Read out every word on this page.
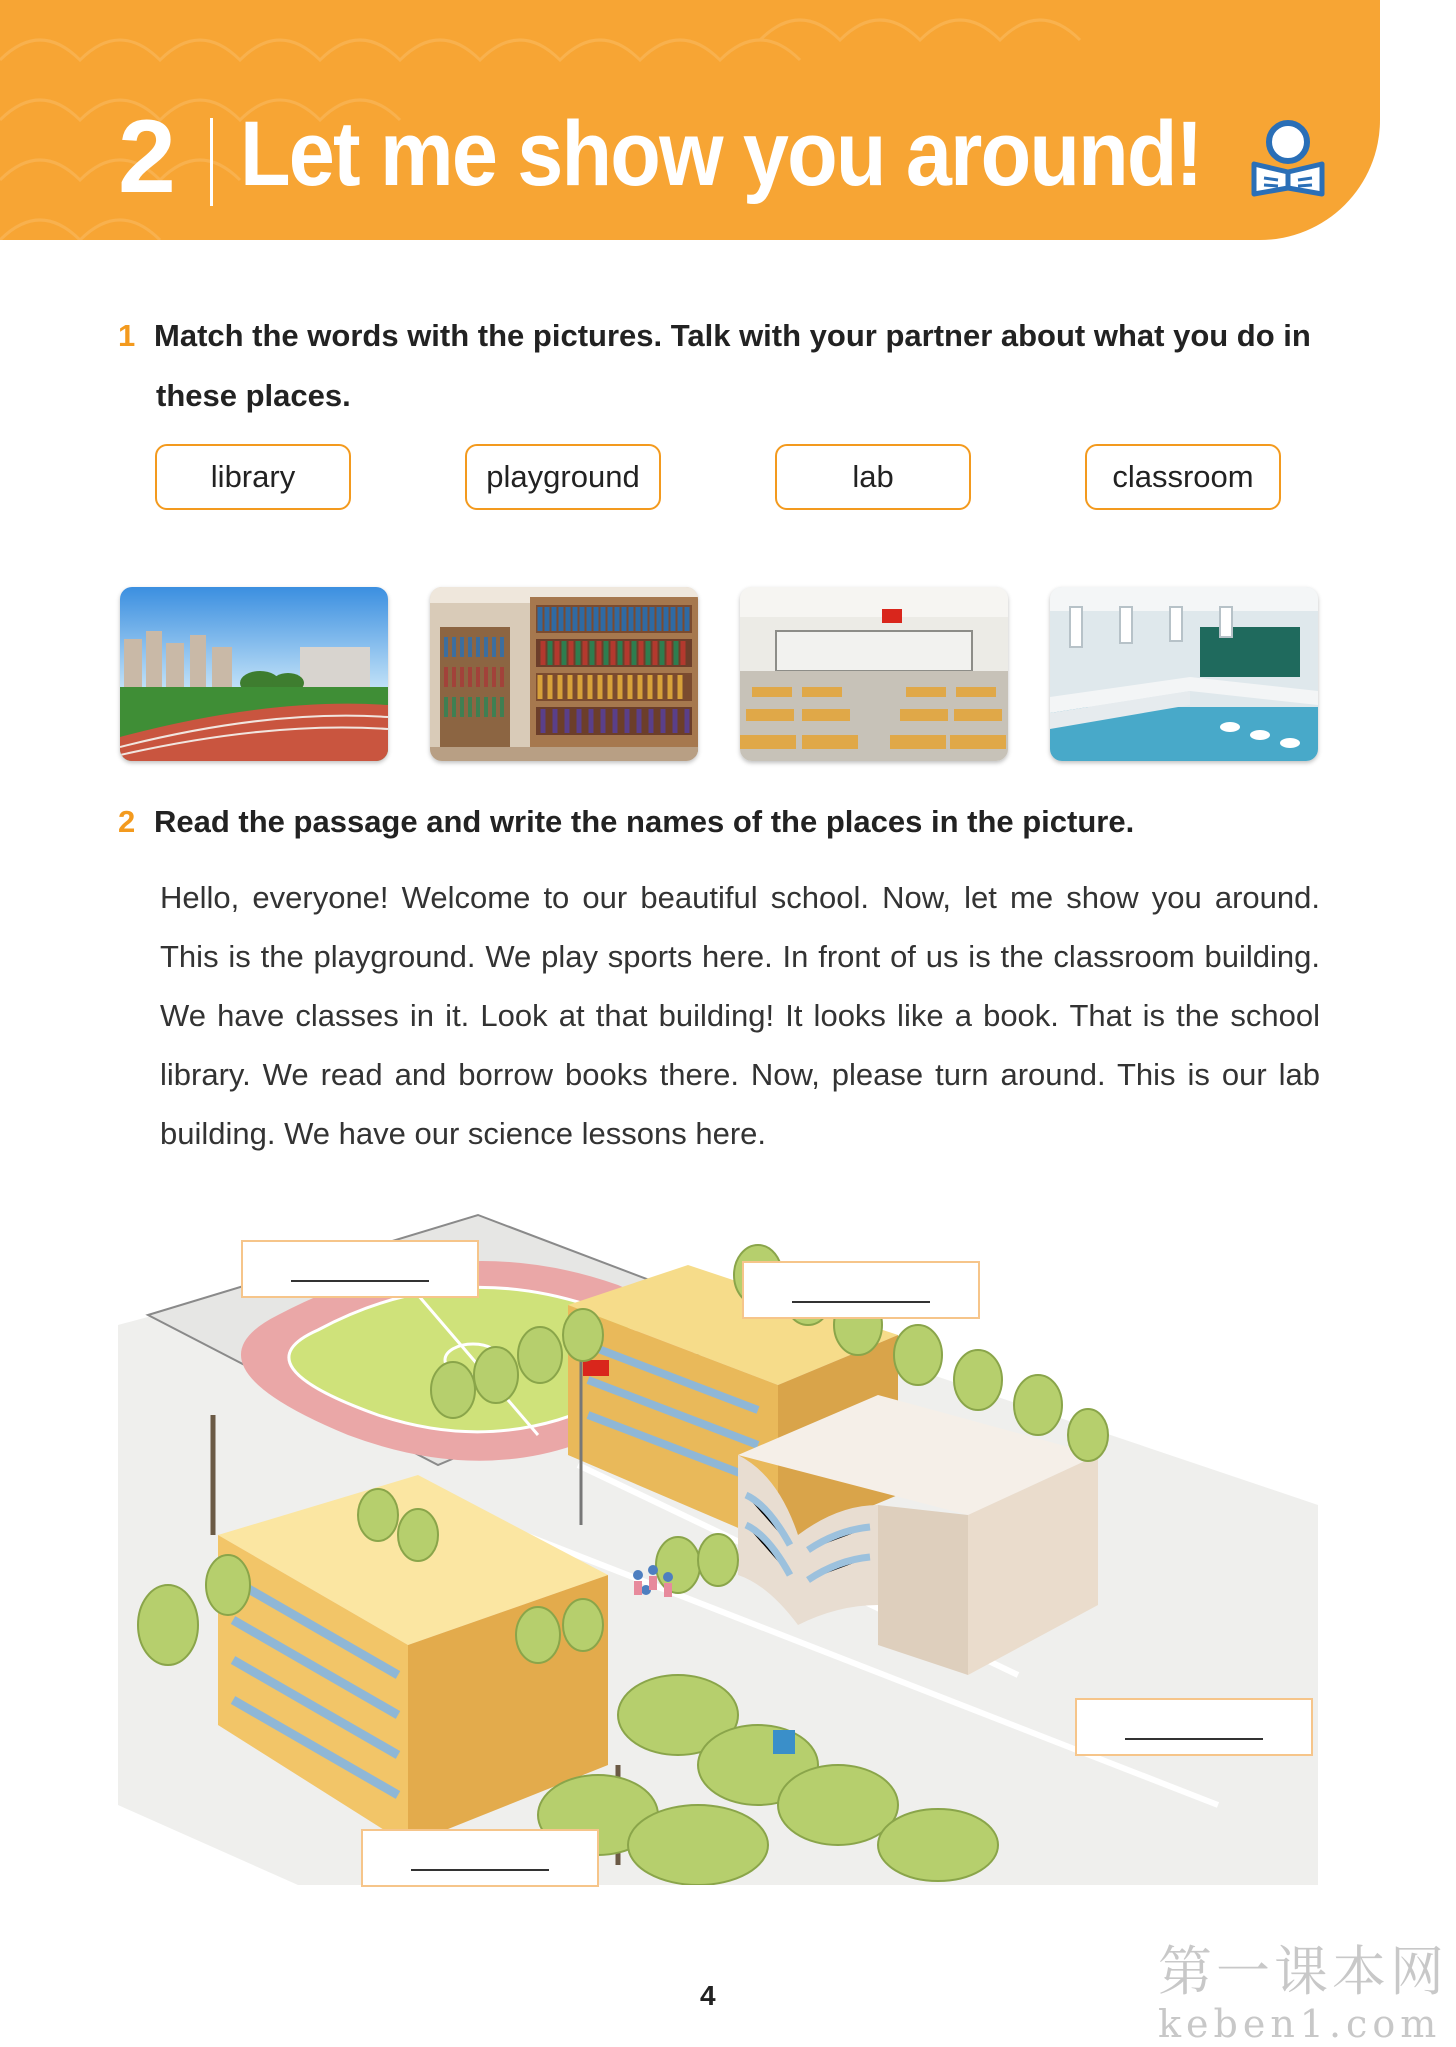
2 Let me show you around!
1 Match the words with the pictures. Talk with your partner about what you do in
these places.
library	playground	lab	classroom
2 Read the passage and write the names of the places in the picture.
Hello, everyone! Welcome to our beautiful school. Now, let me show you around. This is the playground. We play sports here. In front of us is the classroom building. We have classes in it. Look at that building! It looks like a book. That is the school library. We read and borrow books there. Now, please turn around. This is our lab building. We have our science lessons here.
4	第一课本网
keben1.com
